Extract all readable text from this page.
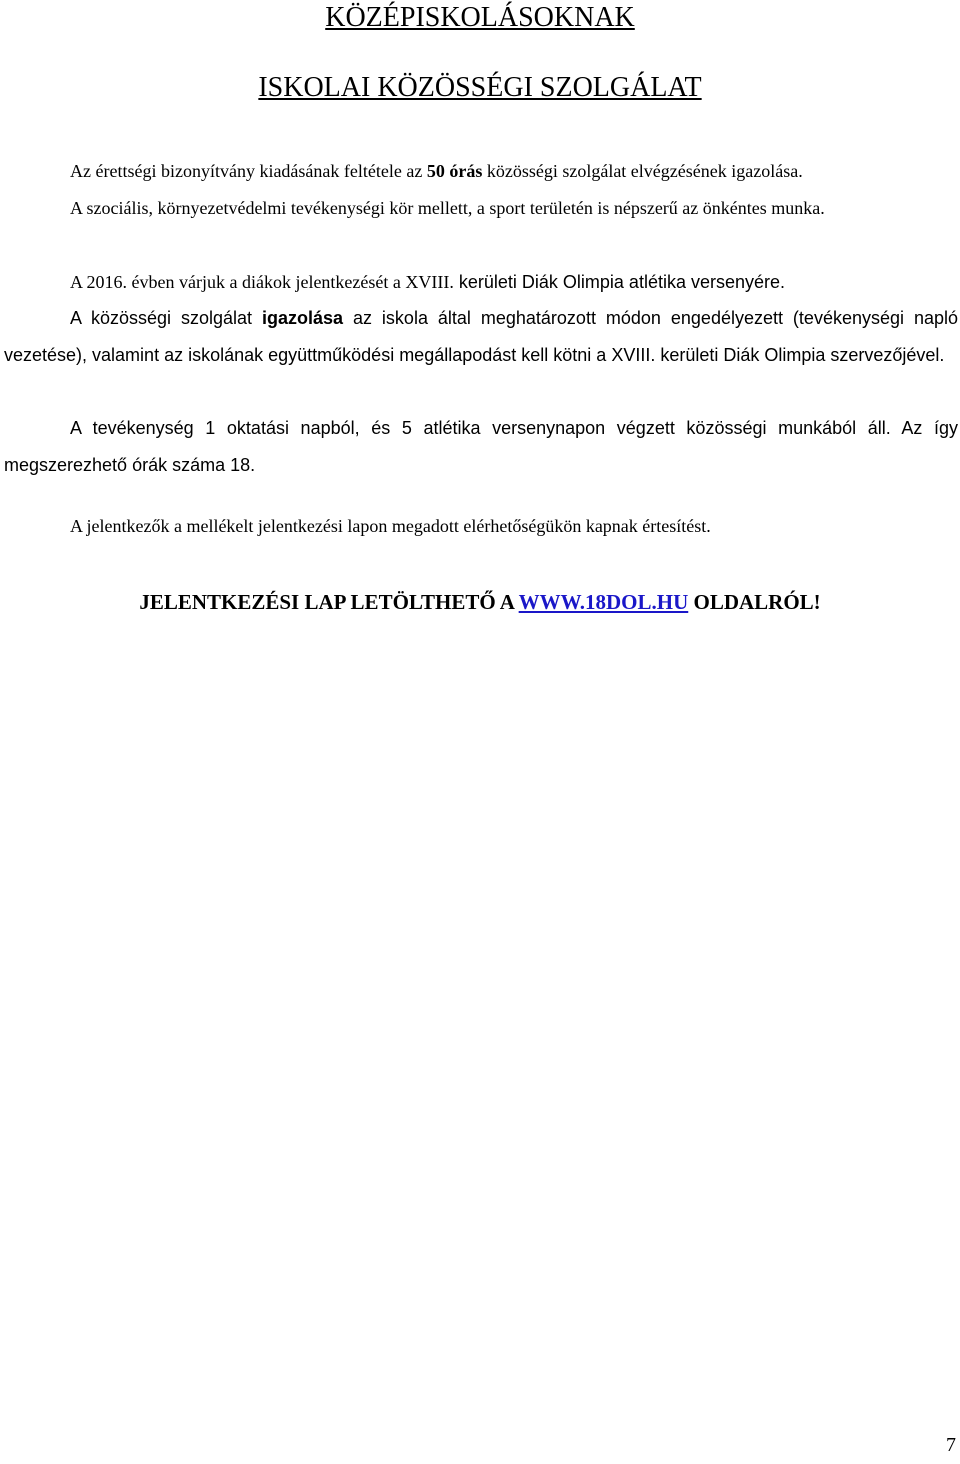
KÖZÉPISKOLÁSOKNAK
ISKOLAI KÖZÖSSÉGI SZOLGÁLAT
Az érettségi bizonyítvány kiadásának feltétele az 50 órás közösségi szolgálat elvégzésének igazolása.
A szociális, környezetvédelmi tevékenységi kör mellett, a sport területén is népszerű az önkéntes munka.
A 2016. évben várjuk a diákok jelentkezését a XVIII. kerületi Diák Olimpia atlétika versenyére.
A közösségi szolgálat igazolása az iskola által meghatározott módon engedélyezett (tevékenységi napló vezetése), valamint az iskolának együttműködési megállapodást kell kötni a XVIII. kerületi Diák Olimpia szervezőjével.
A tevékenység 1 oktatási napból, és 5 atlétika versenynapon végzett közösségi munkából áll. Az így megszerezhető órák száma 18.
A jelentkezők a mellékelt jelentkezési lapon megadott elérhetőségükön kapnak értesítést.
JELENTKEZÉSI LAP LETÖLTHETŐ A WWW.18DOL.HU OLDALRÓL!
7
